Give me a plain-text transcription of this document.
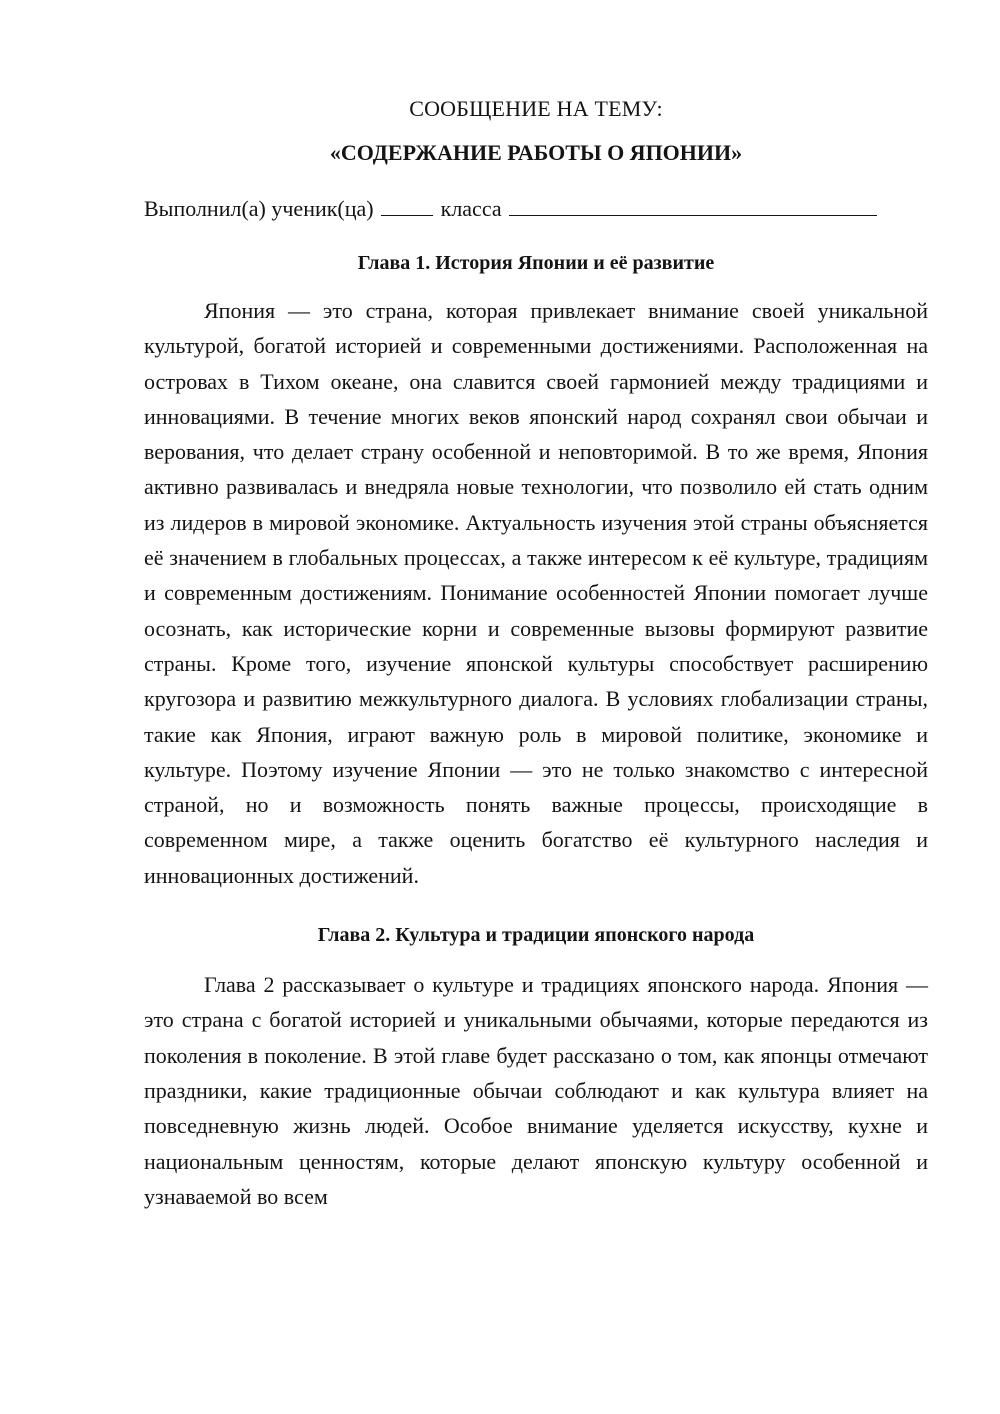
СООБЩЕНИЕ НА ТЕМУ:

«СОДЕРЖАНИЕ РАБОТЫ О ЯПОНИИ»

Выполнил(а) ученик(ца)	класса
Глава 1. История Японии и её развитие

Япония — это страна, которая привлекает внимание своей уникальной культурой, богатой историей и современными достижениями. Расположенная на островах в Тихом океане, она славится своей гармонией между традициями и инновациями. В течение многих веков японский народ сохранял свои обычаи и верования, что делает страну особенной и неповторимой. В то же время, Япония активно развивалась и внедряла новые технологии, что позволило ей стать одним из лидеров в мировой экономике. Актуальность изучения этой страны объясняется её значением в глобальных процессах, а также интересом к её культуре, традициям и современным достижениям. Понимание особенностей Японии помогает лучше осознать, как исторические корни и современные вызовы формируют развитие страны. Кроме того, изучение японской культуры способствует расширению кругозора и развитию межкультурного диалога. В условиях глобализации страны, такие как Япония, играют важную роль в мировой политике, экономике и культуре. Поэтому изучение Японии — это не только знакомство с интересной страной, но и возможность понять важные процессы, происходящие в современном мире, а также оценить богатство её культурного наследия и инновационных достижений.

Глава 2. Культура и традиции японского народа

Глава 2 рассказывает о культуре и традициях японского народа. Япония — это страна с богатой историей и уникальными обычаями, которые передаются из поколения в поколение. В этой главе будет рассказано о том, как японцы отмечают праздники, какие традиционные обычаи соблюдают и как культура влияет на повседневную жизнь людей. Особое внимание уделяется искусству, кухне и национальным ценностям, которые делают японскую культуру особенной и узнаваемой во всем
